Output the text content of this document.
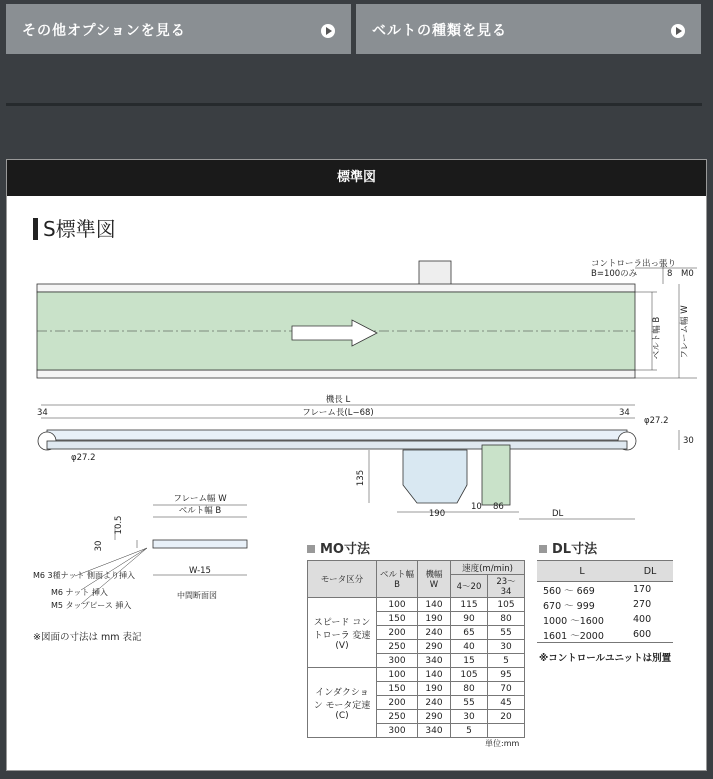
その他オプションを見る	ベルトの種類を見る
標準図
S標準図
コントローラ出っ張り
B=100のみ	8 M0
ベルト幅 B フレーム幅 W
機長 L
フレーム長(L−68)
34	34
φ27.2
φ27.2
30
135
190
10 86
DL
フレーム幅 W
ベルト幅 B
10.5
30
W-15
M6 3種ナット 側面より挿入
M6 ナット 挿入
M5 タップピース 挿入
中間断面図
※図面の寸法は mm 表記
MO寸法	DL寸法
モータ区分	ベルト幅 B	機幅 W	速度(m/min)	
			4〜20	23〜34
スピード コントローラ 変速(V)	100	140	115	105
	150	190	90	80
	200	240	65	55
	250	290	40	30
	300	340	15	5
インダクション モータ定速(C)	100	140	105	95
	150	190	80	70
	200	240	55	45
	250	290	30	20
	300	340	5	
単位:mm
L	DL
560 〜 669	170
670 〜 999	270
1000 〜1600	400
1601 〜2000	600
※コントロールユニットは別置
